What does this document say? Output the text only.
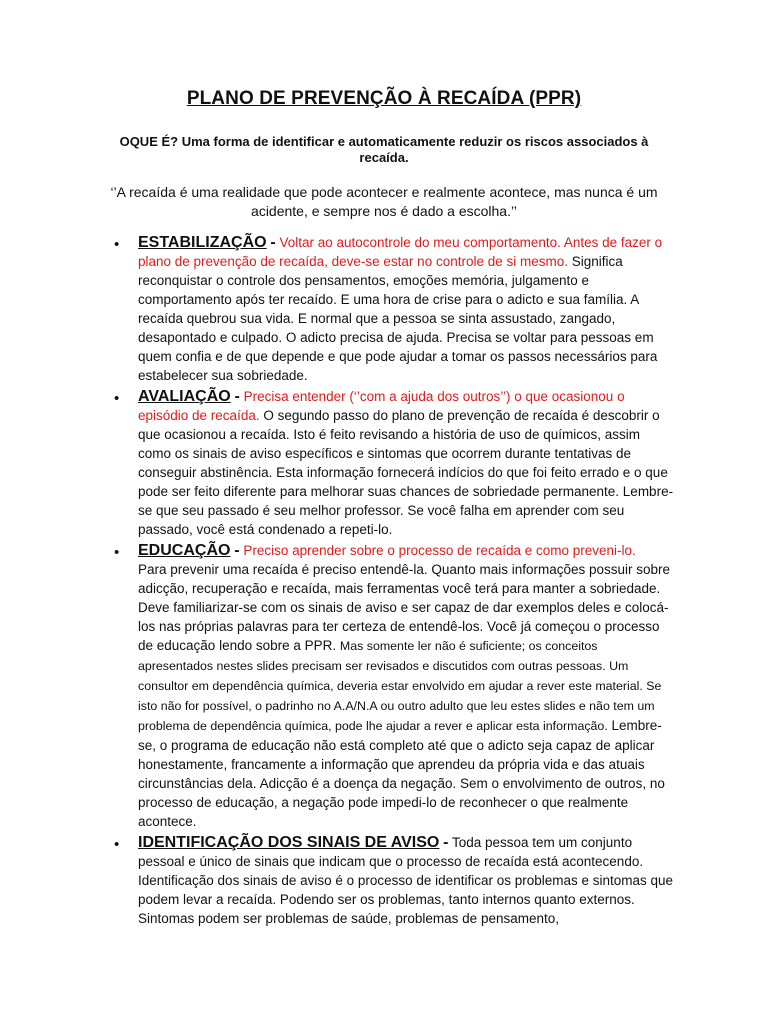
PLANO DE PREVENÇÃO À RECAÍDA (PPR)

OQUE É? Uma forma de identificar e automaticamente reduzir os riscos associados à recaída.

‘’A recaída é uma realidade que pode acontecer e realmente acontece, mas nunca é um acidente, e sempre nos é dado a escolha.’’

• ESTABILIZAÇÃO - Voltar ao autocontrole do meu comportamento. Antes de fazer o plano de prevenção de recaída, deve-se estar no controle de si mesmo. Significa reconquistar o controle dos pensamentos, emoções memória, julgamento e comportamento após ter recaído. E uma hora de crise para o adicto e sua família. A recaída quebrou sua vida. E normal que a pessoa se sinta assustado, zangado, desapontado e culpado. O adicto precisa de ajuda. Precisa se voltar para pessoas em quem confia e de que depende e que pode ajudar a tomar os passos necessários para estabelecer sua sobriedade.
• AVALIAÇÃO - Precisa entender (‘’com a ajuda dos outros’’) o que ocasionou o episódio de recaída. O segundo passo do plano de prevenção de recaída é descobrir o que ocasionou a recaída. Isto é feito revisando a história de uso de químicos, assim como os sinais de aviso específicos e sintomas que ocorrem durante tentativas de conseguir abstinência. Esta informação fornecerá indícios do que foi feito errado e o que pode ser feito diferente para melhorar suas chances de sobriedade permanente. Lembre-se que seu passado é seu melhor professor. Se você falha em aprender com seu passado, você está condenado a repeti-lo.
• EDUCAÇÃO - Preciso aprender sobre o processo de recaída e como preveni-lo.
Para prevenir uma recaída é preciso entendê-la. Quanto mais informações possuir sobre adicção, recuperação e recaída, mais ferramentas você terá para manter a sobriedade. Deve familiarizar-se com os sinais de aviso e ser capaz de dar exemplos deles e colocá-los nas próprias palavras para ter certeza de entendê-los. Você já começou o processo de educação lendo sobre a PPR. Mas somente ler não é suficiente; os conceitos apresentados nestes slides precisam ser revisados e discutidos com outras pessoas. Um consultor em dependência química, deveria estar envolvido em ajudar a rever este material. Se isto não for possível, o padrinho no A.A/N.A ou outro adulto que leu estes slides e não tem um problema de dependência química, pode lhe ajudar a rever e aplicar esta informação. Lembre-se, o programa de educação não está completo até que o adicto seja capaz de aplicar honestamente, francamente a informação que aprendeu da própria vida e das atuais circunstâncias dela. Adicção é a doença da negação. Sem o envolvimento de outros, no processo de educação, a negação pode impedi-lo de reconhecer o que realmente acontece.
• IDENTIFICAÇÃO DOS SINAIS DE AVISO - Toda pessoa tem um conjunto pessoal e único de sinais que indicam que o processo de recaída está acontecendo. Identificação dos sinais de aviso é o processo de identificar os problemas e sintomas que podem levar a recaída. Podendo ser os problemas, tanto internos quanto externos. Sintomas podem ser problemas de saúde, problemas de pensamento,
